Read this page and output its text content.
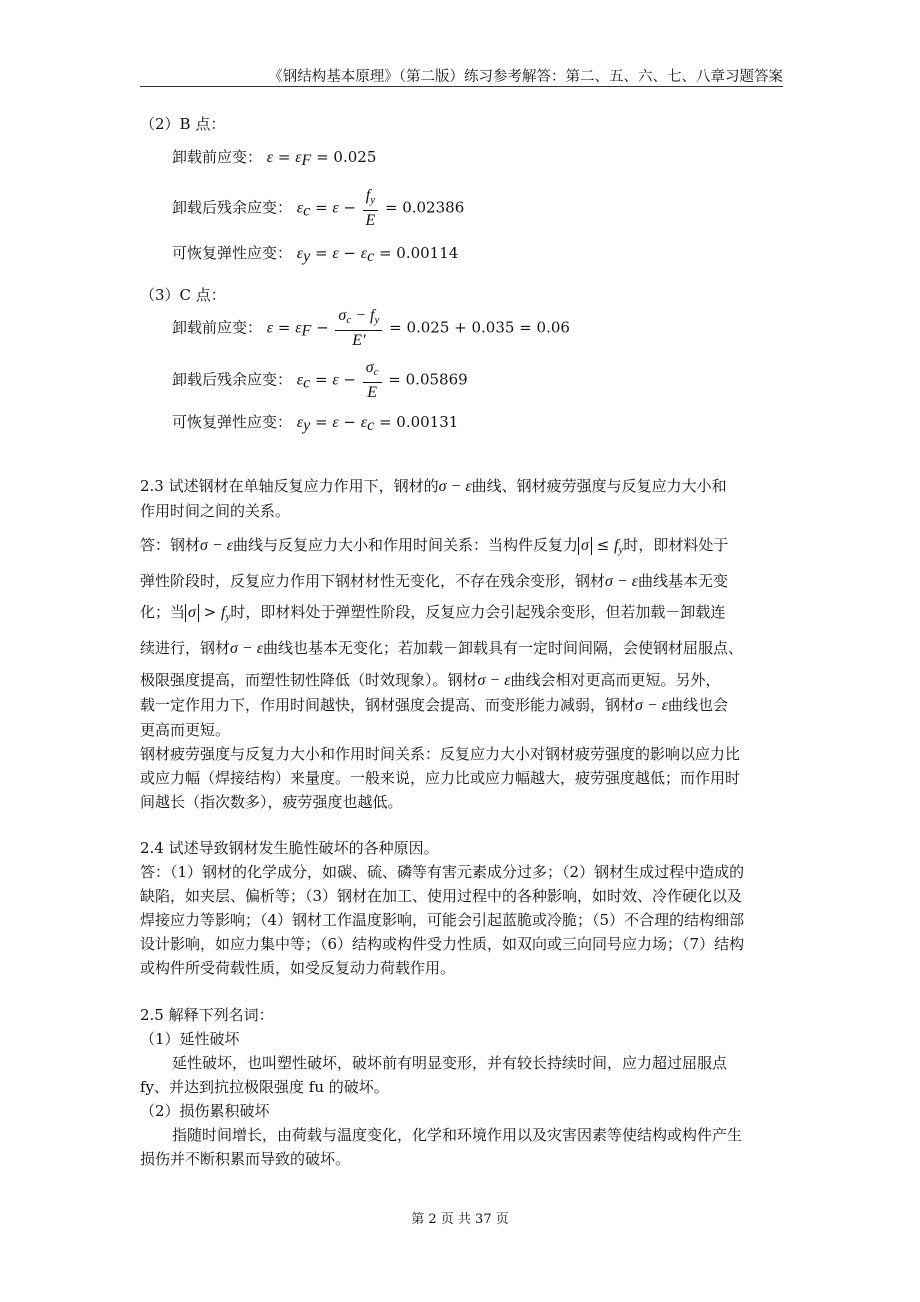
《钢结构基本原理》（第二版）练习参考解答：第二、五、六、七、八章习题答案
（2）B 点：
卸载前应变： $\varepsilon = \varepsilon_F = 0.025$
卸载后残余应变： $\varepsilon_c = \varepsilon - \frac{f_y}{E} = 0.02386$
可恢复弹性应变： $\varepsilon_y = \varepsilon - \varepsilon_c = 0.00114$
（3）C 点：
卸载前应变： $\varepsilon = \varepsilon_F - \frac{\sigma_c - f_y}{E'} = 0.025 + 0.035 = 0.06$
卸载后残余应变： $\varepsilon_c = \varepsilon - \frac{\sigma_c}{E} = 0.05869$
可恢复弹性应变： $\varepsilon_y = \varepsilon - \varepsilon_c = 0.00131$

2.3 试述钢材在单轴反复应力作用下，钢材的σ − ε曲线、钢材疲劳强度与反复应力大小和

作用时间之间的关系。

答：钢材σ − ε曲线与反复应力大小和作用时间关系：当构件反复力 $\sigma \le f_y$时，即材料处于

弹性阶段时，反复应力作用下钢材材性无变化，不存在残余变形，钢材σ − ε曲线基本无变

化；当 $\sigma > f_y$时，即材料处于弹塑性阶段，反复应力会引起残余变形，但若加载－卸载连

续进行，钢材σ − ε曲线也基本无变化；若加载－卸载具有一定时间间隔，会使钢材屈服点、

极限强度提高，而塑性韧性降低（时效现象）。钢材σ − ε曲线会相对更高而更短。另外，

载一定作用力下，作用时间越快，钢材强度会提高、而变形能力减弱，钢材σ − ε曲线也会

更高而更短。

钢材疲劳强度与反复力大小和作用时间关系：反复应力大小对钢材疲劳强度的影响以应力比

或应力幅（焊接结构）来量度。一般来说，应力比或应力幅越大，疲劳强度越低；而作用时

间越长（指次数多），疲劳强度也越低。

2.4 试述导致钢材发生脆性破坏的各种原因。

答：（1）钢材的化学成分，如碳、硫、磷等有害元素成分过多；（2）钢材生成过程中造成的

缺陷，如夹层、偏析等；（3）钢材在加工、使用过程中的各种影响，如时效、冷作硬化以及

焊接应力等影响；（4）钢材工作温度影响，可能会引起蓝脆或冷脆；（5）不合理的结构细部

设计影响，如应力集中等；（6）结构或构件受力性质，如双向或三向同号应力场；（7）结构

或构件所受荷载性质，如受反复动力荷载作用。

2.5 解释下列名词：

（1）延性破坏

延性破坏，也叫塑性破坏，破坏前有明显变形，并有较长持续时间，应力超过屈服点

fy、并达到抗拉极限强度 fu 的破坏。

（2）损伤累积破坏

指随时间增长，由荷载与温度变化，化学和环境作用以及灾害因素等使结构或构件产生

损伤并不断积累而导致的破坏。

第 2 页 共 37 页
